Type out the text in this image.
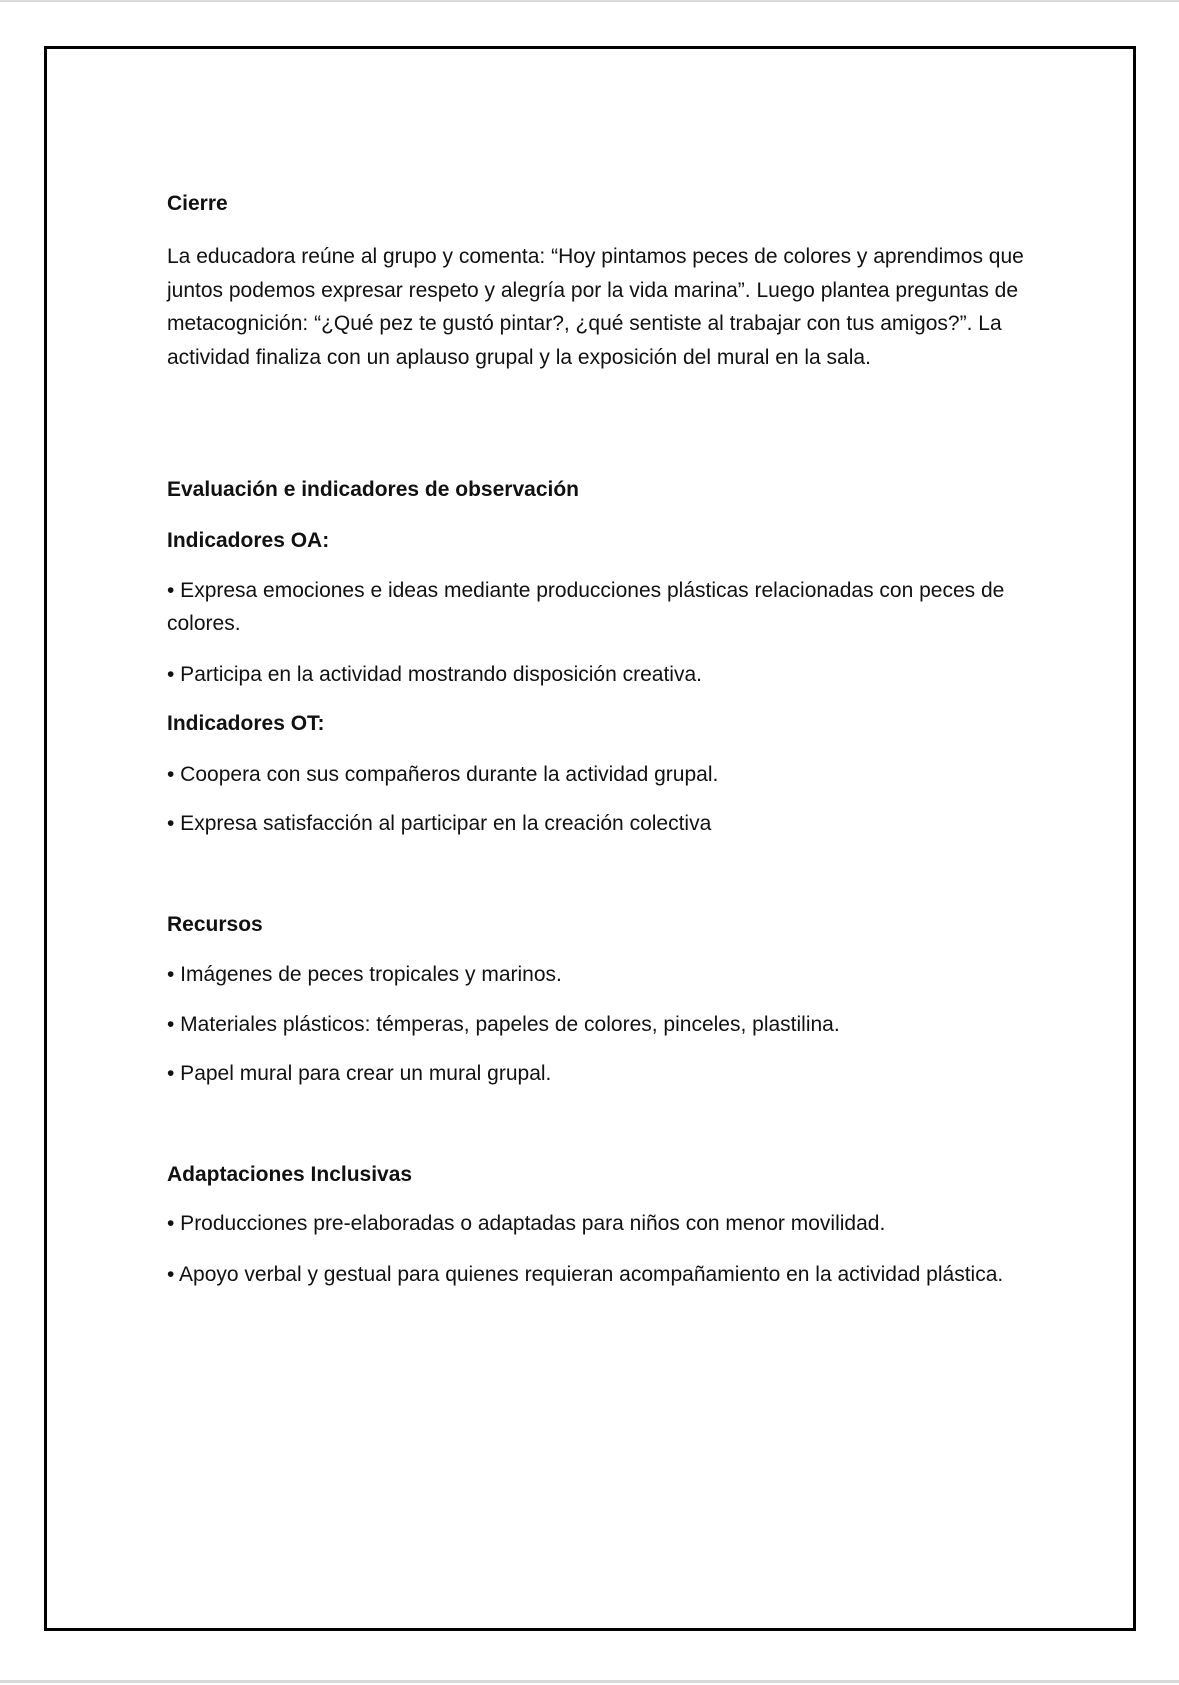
Cierre

La educadora reúne al grupo y comenta: “Hoy pintamos peces de colores y aprendimos que juntos podemos expresar respeto y alegría por la vida marina”. Luego plantea preguntas de metacognición: “¿Qué pez te gustó pintar?, ¿qué sentiste al trabajar con tus amigos?”. La actividad finaliza con un aplauso grupal y la exposición del mural en la sala.

Evaluación e indicadores de observación
Indicadores OA:

• Expresa emociones e ideas mediante producciones plásticas relacionadas con peces de colores.

• Participa en la actividad mostrando disposición creativa.

Indicadores OT:

• Coopera con sus compañeros durante la actividad grupal.

• Expresa satisfacción al participar en la creación colectiva

Recursos

• Imágenes de peces tropicales y marinos.

• Materiales plásticos: témperas, papeles de colores, pinceles, plastilina.

• Papel mural para crear un mural grupal.

Adaptaciones Inclusivas

• Producciones pre-elaboradas o adaptadas para niños con menor movilidad.

• Apoyo verbal y gestual para quienes requieran acompañamiento en la actividad plástica.
